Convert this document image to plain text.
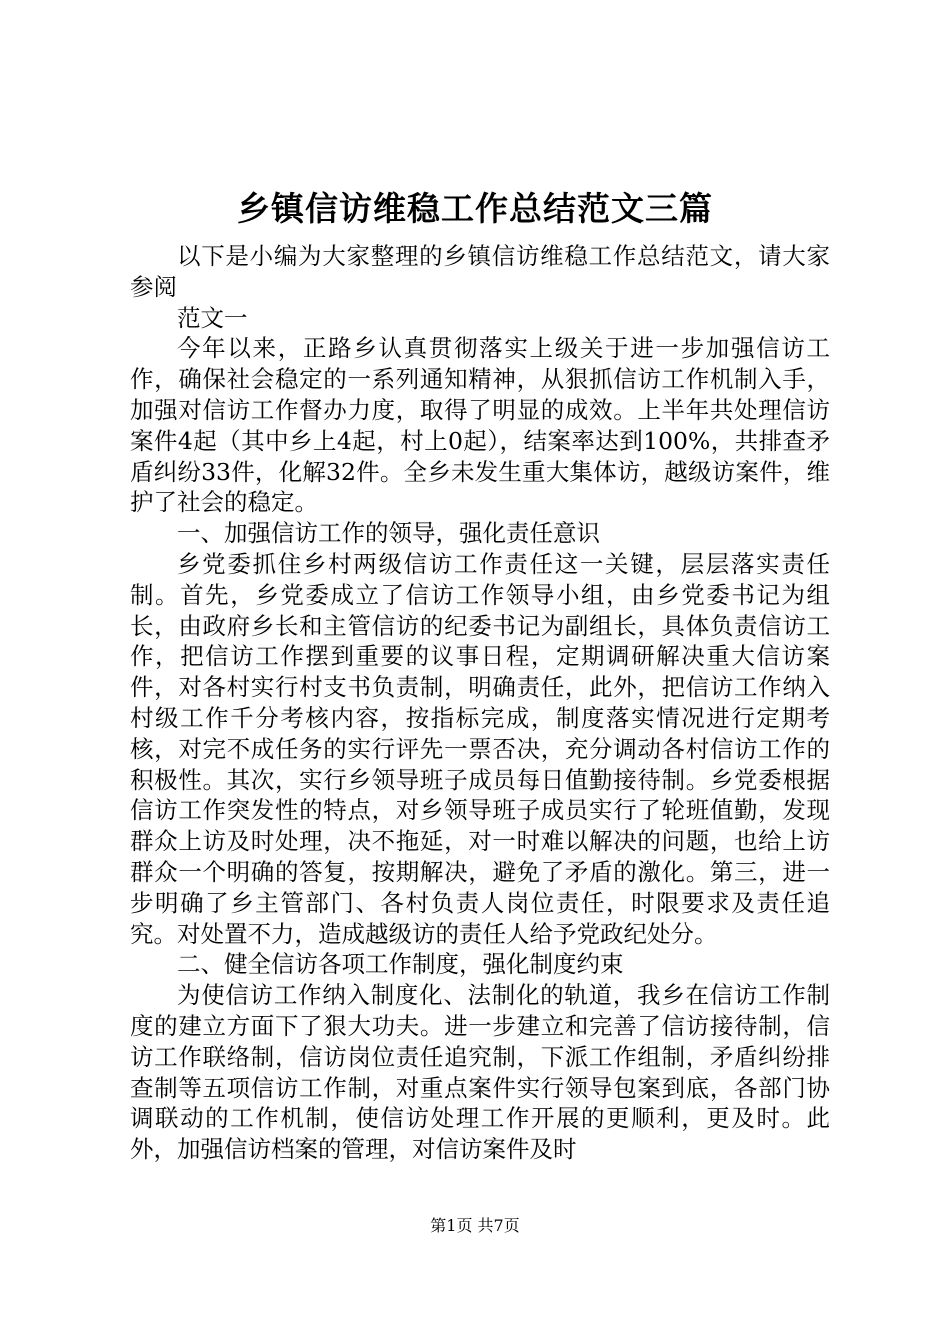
乡镇信访维稳工作总结范文三篇

以下是小编为大家整理的乡镇信访维稳工作总结范文，请大家参阅

范文一

今年以来，正路乡认真贯彻落实上级关于进一步加强信访工作，确保社会稳定的一系列通知精神，从狠抓信访工作机制入手，加强对信访工作督办力度，取得了明显的成效。上半年共处理信访案件4起（其中乡上4起，村上0起），结案率达到100%，共排查矛盾纠纷33件，化解32件。全乡未发生重大集体访，越级访案件，维护了社会的稳定。

一、加强信访工作的领导，强化责任意识

乡党委抓住乡村两级信访工作责任这一关键，层层落实责任制。首先，乡党委成立了信访工作领导小组，由乡党委书记为组长，由政府乡长和主管信访的纪委书记为副组长，具体负责信访工作，把信访工作摆到重要的议事日程，定期调研解决重大信访案件，对各村实行村支书负责制，明确责任，此外，把信访工作纳入村级工作千分考核内容，按指标完成，制度落实情况进行定期考核，对完不成任务的实行评先一票否决，充分调动各村信访工作的积极性。其次，实行乡领导班子成员每日值勤接待制。乡党委根据信访工作突发性的特点，对乡领导班子成员实行了轮班值勤，发现群众上访及时处理，决不拖延，对一时难以解决的问题，也给上访群众一个明确的答复，按期解决，避免了矛盾的激化。第三，进一步明确了乡主管部门、各村负责人岗位责任，时限要求及责任追究。对处置不力，造成越级访的责任人给予党政纪处分。

二、健全信访各项工作制度，强化制度约束

为使信访工作纳入制度化、法制化的轨道，我乡在信访工作制度的建立方面下了狠大功夫。进一步建立和完善了信访接待制，信访工作联络制，信访岗位责任追究制，下派工作组制，矛盾纠纷排查制等五项信访工作制，对重点案件实行领导包案到底，各部门协调联动的工作机制，使信访处理工作开展的更顺利，更及时。此外，加强信访档案的管理，对信访案件及时

第1页 共7页
